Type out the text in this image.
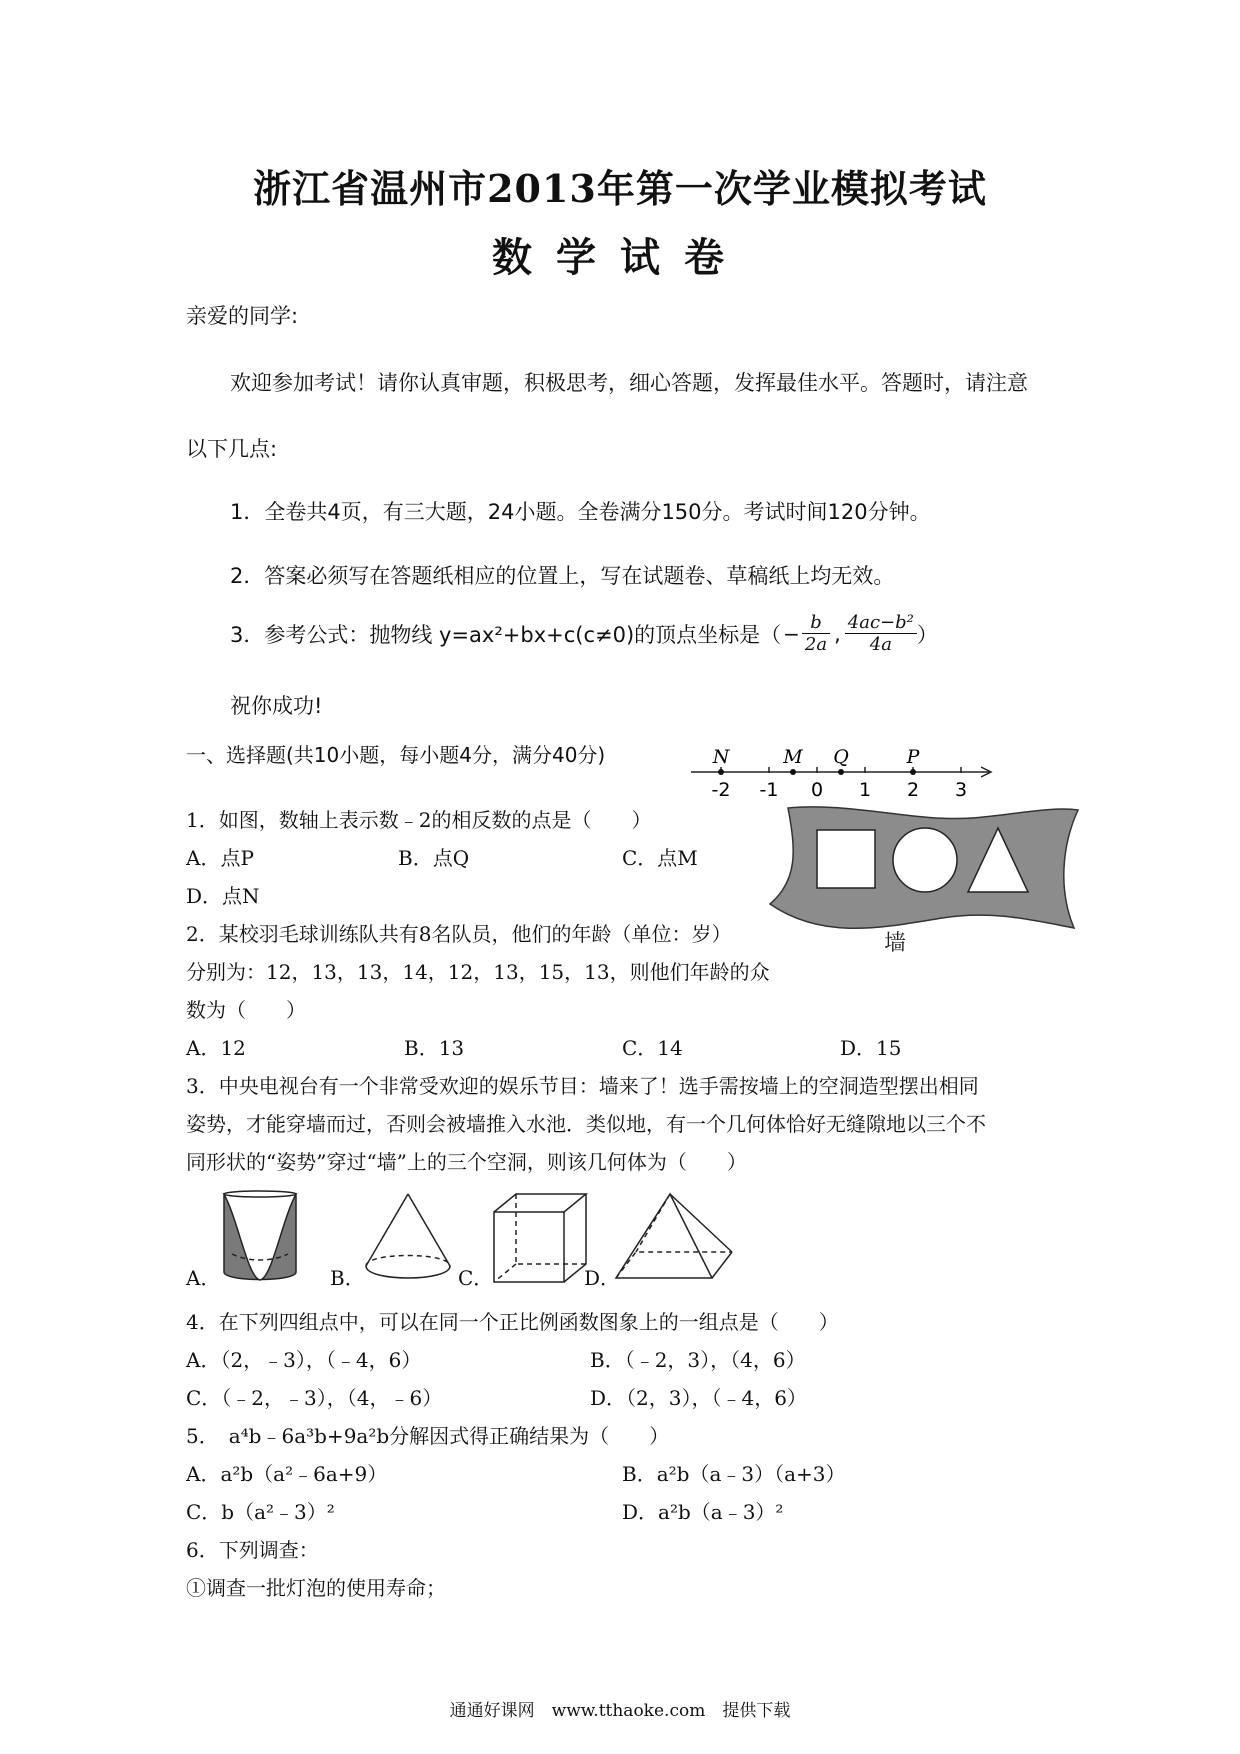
浙江省温州市2013年第一次学业模拟考试
数学试卷
亲爱的同学:
欢迎参加考试！请你认真审题，积极思考，细心答题，发挥最佳水平。答题时，请注意
以下几点:
1．全卷共4页，有三大题，24小题。全卷满分150分。考试时间120分钟。
2．答案必须写在答题纸相应的位置上，写在试题卷、草稿纸上均无效。
3．参考公式：抛物线 y=ax²+bx+c(c≠0)的顶点坐标是（ − $\frac{b}{2a}$ , $\frac{\text{4ac−b²}}{4a}$ ）
祝你成功!
一、选择题(共10小题，每小题4分，满分40分)
-2 -1 0 1 2 3
N	M Q	P
墙
1．如图，数轴上表示数﹣2的相反数的点是（　　）
A．点P	B．点Q	C．点M
D．点N
2．某校羽毛球训练队共有8名队员，他们的年龄（单位：岁）
分别为：12，13，13，14，12，13，15，13，则他们年龄的众
数为（　　）
A．12	B．13	C．14	D．15
3．中央电视台有一个非常受欢迎的娱乐节目：墙来了！选手需按墙上的空洞造型摆出相同
姿势，才能穿墙而过，否则会被墙推入水池．类似地，有一个几何体恰好无缝隙地以三个不
同形状的“姿势”穿过“墙”上的三个空洞，则该几何体为（　　）
A．	B．	C．	D．
4．在下列四组点中，可以在同一个正比例函数图象上的一组点是（　　）
A．（2，﹣3），（﹣4，6）	B．（﹣2，3），（4，6）
C．（﹣2，﹣3），（4，﹣6）	D．（2，3），（﹣4，6）
5．　a⁴b﹣6a³b+9a²b分解因式得正确结果为（　　）
A．a²b（a²﹣6a+9）	B．a²b（a﹣3）（a+3）
C．b（a²﹣3）²	D．a²b（a﹣3）²
6．下列调查：
①调查一批灯泡的使用寿命；
通通好课网　www.tthaoke.com　提供下载
